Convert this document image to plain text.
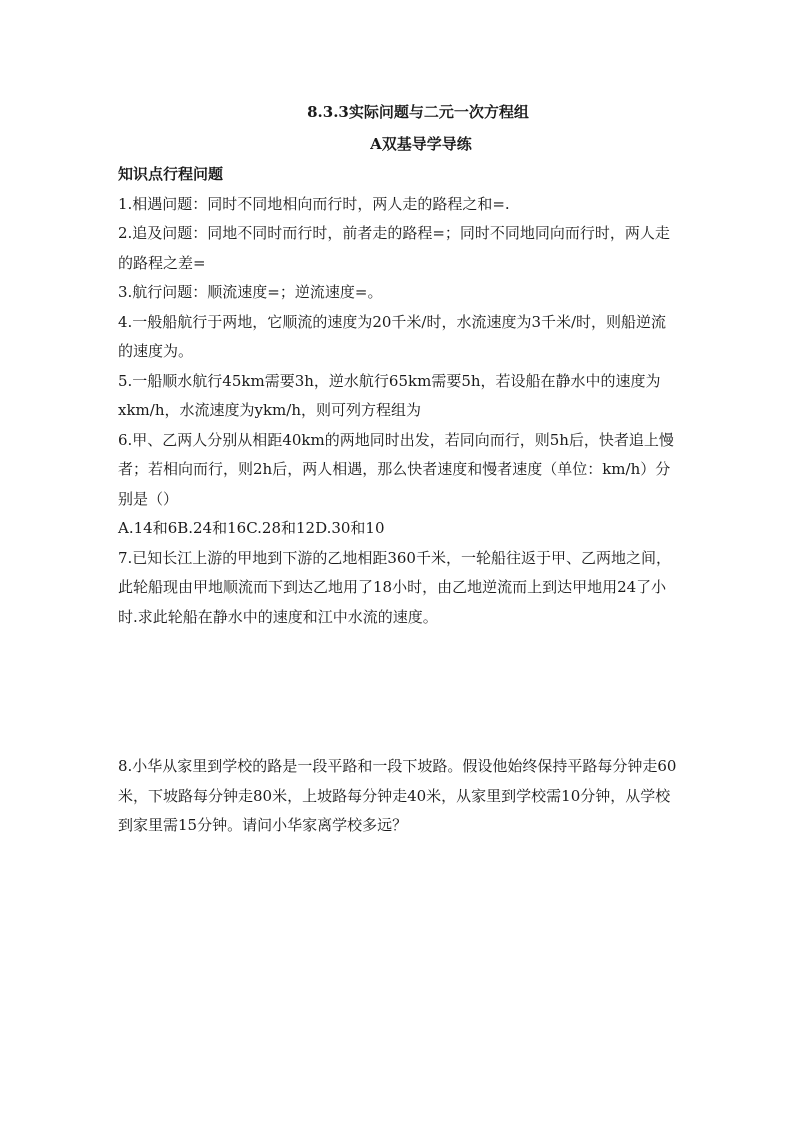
8.3.3实际问题与二元一次方程组
A双基导学导练

知识点行程问题

1.相遇问题：同时不同地相向而行时，两人走的路程之和=.

2.追及问题：同地不同时而行时，前者走的路程=；同时不同地同向而行时，两人走的路程之差=

3.航行问题：顺流速度=；逆流速度=。

4.一般船航行于两地，它顺流的速度为20千米/时，水流速度为3千米/时，则船逆流的速度为。

5.一船顺水航行45km需要3h，逆水航行65km需要5h，若设船在静水中的速度为xkm/h，水流速度为ykm/h，则可列方程组为

6.甲、乙两人分别从相距40km的两地同时出发，若同向而行，则5h后，快者追上慢者；若相向而行，则2h后，两人相遇，那么快者速度和慢者速度（单位：km/h）分别是（）

A.14和6B.24和16C.28和12D.30和10

7.已知长江上游的甲地到下游的乙地相距360千米，一轮船往返于甲、乙两地之间，此轮船现由甲地顺流而下到达乙地用了18小时，由乙地逆流而上到达甲地用24了小时.求此轮船在静水中的速度和江中水流的速度。

8.小华从家里到学校的路是一段平路和一段下坡路。假设他始终保持平路每分钟走60米，下坡路每分钟走80米，上坡路每分钟走40米，从家里到学校需10分钟，从学校到家里需15分钟。请问小华家离学校多远？
